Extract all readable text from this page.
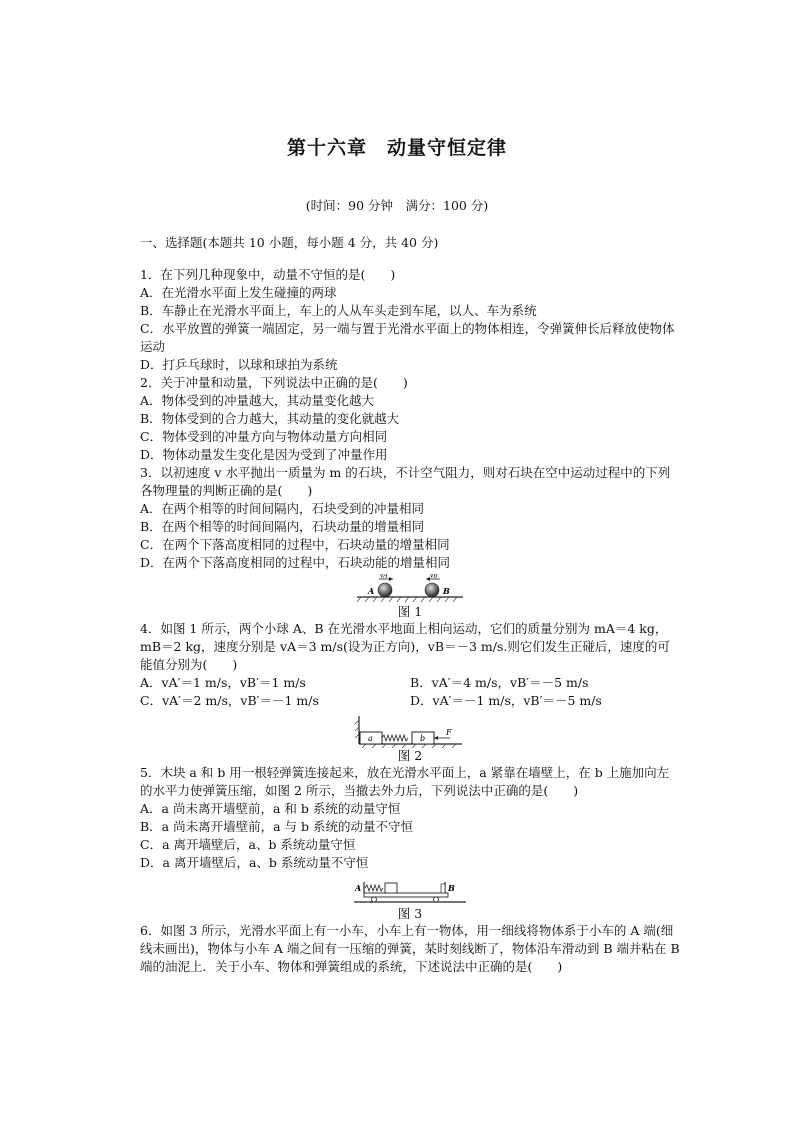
第十六章　动量守恒定律
(时间：90 分钟　满分：100 分)
一、选择题(本题共 10 小题，每小题 4 分，共 40 分)

1．在下列几种现象中，动量不守恒的是(　　)

A．在光滑水平面上发生碰撞的两球

B．车静止在光滑水平面上，车上的人从车头走到车尾，以人、车为系统

C．水平放置的弹簧一端固定，另一端与置于光滑水平面上的物体相连，令弹簧伸长后释放使物体运动

D．打乒乓球时，以球和球拍为系统

2．关于冲量和动量，下列说法中正确的是(　　)

A．物体受到的冲量越大，其动量变化越大

B．物体受到的合力越大，其动量的变化就越大

C．物体受到的冲量方向与物体动量方向相同

D．物体动量发生变化是因为受到了冲量作用

3．以初速度 v 水平抛出一质量为 m 的石块，不计空气阻力，则对石块在空中运动过程中的下列各物理量的判断正确的是(　　)

A．在两个相等的时间间隔内，石块受到的冲量相同

B．在两个相等的时间间隔内，石块动量的增量相同

C．在两个下落高度相同的过程中，石块动量的增量相同

D．在两个下落高度相同的过程中，石块动能的增量相同

vA	vB
A	B
图 1

4．如图 1 所示，两个小球 A、B 在光滑水平地面上相向运动，它们的质量分别为 mA＝4 kg，mB＝2 kg，速度分别是 vA＝3 m/s(设为正方向)，vB＝－3 m/s.则它们发生正碰后，速度的可能值分别为(　　)

A．vA′＝1 m/s，vB′＝1 m/s	B．vA′＝4 m/s，vB′＝－5 m/s
C．vA′＝2 m/s，vB′＝－1 m/s	D．vA′＝－1 m/s，vB′＝－5 m/s
a	b
F
图 2

5．木块 a 和 b 用一根轻弹簧连接起来，放在光滑水平面上，a 紧靠在墙壁上，在 b 上施加向左的水平力使弹簧压缩，如图 2 所示，当撤去外力后，下列说法中正确的是(　　)

A．a 尚未离开墙壁前，a 和 b 系统的动量守恒

B．a 尚未离开墙壁前，a 与 b 系统的动量不守恒

C．a 离开墙壁后，a、b 系统动量守恒

D．a 离开墙壁后，a、b 系统动量不守恒

A	B
图 3

6．如图 3 所示，光滑水平面上有一小车，小车上有一物体，用一细线将物体系于小车的 A 端(细线未画出)，物体与小车 A 端之间有一压缩的弹簧，某时刻线断了，物体沿车滑动到 B 端并粘在 B 端的油泥上．关于小车、物体和弹簧组成的系统，下述说法中正确的是(　　)
